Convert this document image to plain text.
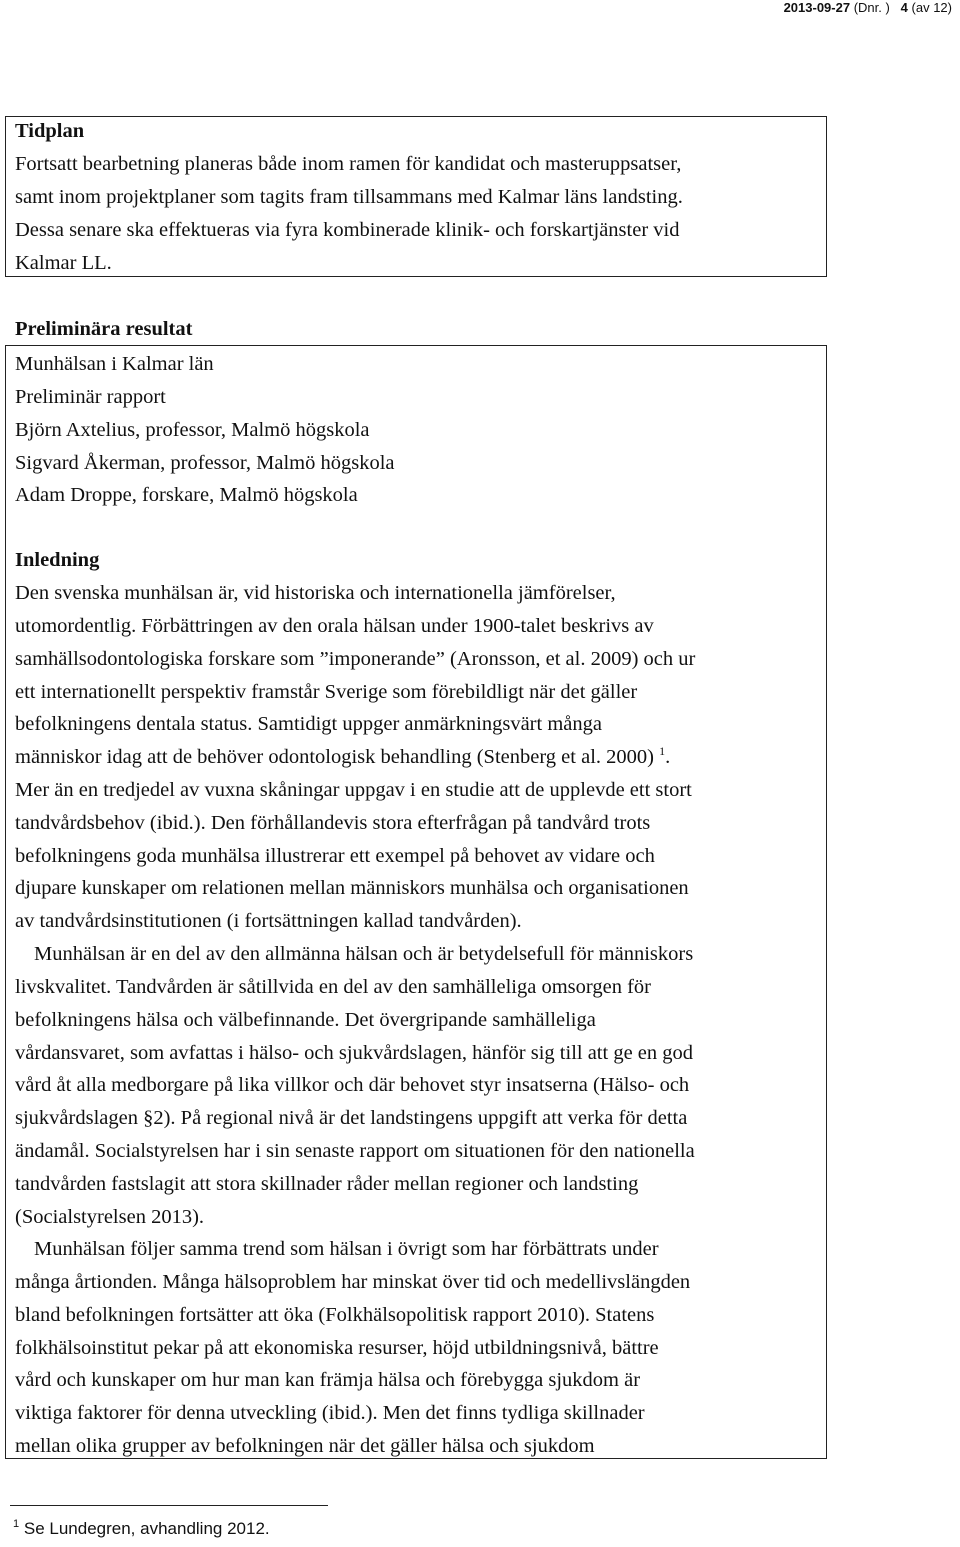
2013-09-27 (Dnr. ) 4 (av 12)
Tidplan
Fortsatt bearbetning planeras både inom ramen för kandidat och masteruppsatser,
samt inom projektplaner som tagits fram tillsammans med Kalmar läns landsting.
Dessa senare ska effektueras via fyra kombinerade klinik- och forskartjänster vid
Kalmar LL.
Preliminära resultat
Munhälsan i Kalmar län
Preliminär rapport
Björn Axtelius, professor, Malmö högskola
Sigvard Åkerman, professor, Malmö högskola
Adam Droppe, forskare, Malmö högskola
Inledning
Den svenska munhälsan är, vid historiska och internationella jämförelser,
utomordentlig. Förbättringen av den orala hälsan under 1900-talet beskrivs av
samhällsodontologiska forskare som ”imponerande” (Aronsson, et al. 2009) och ur
ett internationellt perspektiv framstår Sverige som förebildligt när det gäller
befolkningens dentala status. Samtidigt uppger anmärkningsvärt många
människor idag att de behöver odontologisk behandling (Stenberg et al. 2000) $^1$.
Mer än en tredjedel av vuxna skåningar uppgav i en studie att de upplevde ett stort
tandvårdsbehov (ibid.). Den förhållandevis stora efterfrågan på tandvård trots
befolkningens goda munhälsa illustrerar ett exempel på behovet av vidare och
djupare kunskaper om relationen mellan människors munhälsa och organisationen
av tandvårdsinstitutionen (i fortsättningen kallad tandvården).
Munhälsan är en del av den allmänna hälsan och är betydelsefull för människors
livskvalitet. Tandvården är såtillvida en del av den samhälleliga omsorgen för
befolkningens hälsa och välbefinnande. Det övergripande samhälleliga
vårdansvaret, som avfattas i hälso- och sjukvårdslagen, hänför sig till att ge en god
vård åt alla medborgare på lika villkor och där behovet styr insatserna (Hälso- och
sjukvårdslagen §2). På regional nivå är det landstingens uppgift att verka för detta
ändamål. Socialstyrelsen har i sin senaste rapport om situationen för den nationella
tandvården fastslagit att stora skillnader råder mellan regioner och landsting
(Socialstyrelsen 2013).
Munhälsan följer samma trend som hälsan i övrigt som har förbättrats under
många årtionden. Många hälsoproblem har minskat över tid och medellivslängden
bland befolkningen fortsätter att öka (Folkhälsopolitisk rapport 2010). Statens
folkhälsoinstitut pekar på att ekonomiska resurser, höjd utbildningsnivå, bättre
vård och kunskaper om hur man kan främja hälsa och förebygga sjukdom är
viktiga faktorer för denna utveckling (ibid.). Men det finns tydliga skillnader
mellan olika grupper av befolkningen när det gäller hälsa och sjukdom
$^1$ Se Lundegren, avhandling 2012.
